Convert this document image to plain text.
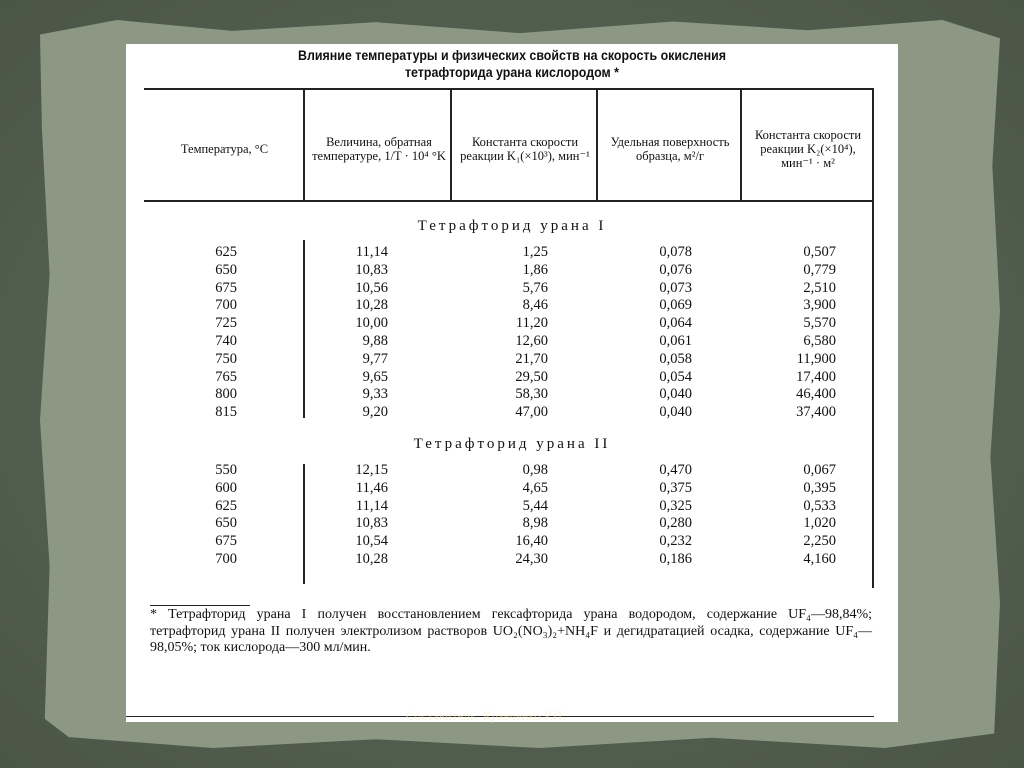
Влияние температуры и физических свойств на скорость окисления
тетрафторида урана кислородом *
Температура, °С	Величина, обратная температуре, 1/T · 10⁴ °K
Константа скорости реакции K₁(×10³), мин⁻¹
Удельная поверхность образца, м²/г
Константа скорости реакции K₂(×10⁴), мин⁻¹ · м²
Тетрафторид урана I
625
650
675
700
725
740
750
765
800
815
11,14
10,83
10,56
10,28
10,00
9,88
9,77
9,65
9,33
9,20
1,25
1,86
5,76
8,46
11,20
12,60
21,70
29,50
58,30
47,00
0,078
0,076
0,073
0,069
0,064
0,061
0,058
0,054
0,040
0,040
0,507
0,779
2,510
3,900
5,570
6,580
11,900
17,400
46,400
37,400
Тетрафторид урана II
550
600
625
650
675
700
12,15
11,46
11,14
10,83
10,54
10,28
0,98
4,65
5,44
8,98
16,40
24,30
0,470
0,375
0,325
0,280
0,232
0,186
0,067
0,395
0,533
1,020
2,250
4,160
* Тетрафторид урана I получен восстановлением гексафторида урана водородом, содержание UF₄—98,84%; тетрафторид урана II получен электролизом растворов UO₂(NO₃)₂+NH₄F и дегидратацией осадка, содержание UF₄—98,05%; ток кислорода—300 мл/мин.
Составитель: Кравченко Р.И.
